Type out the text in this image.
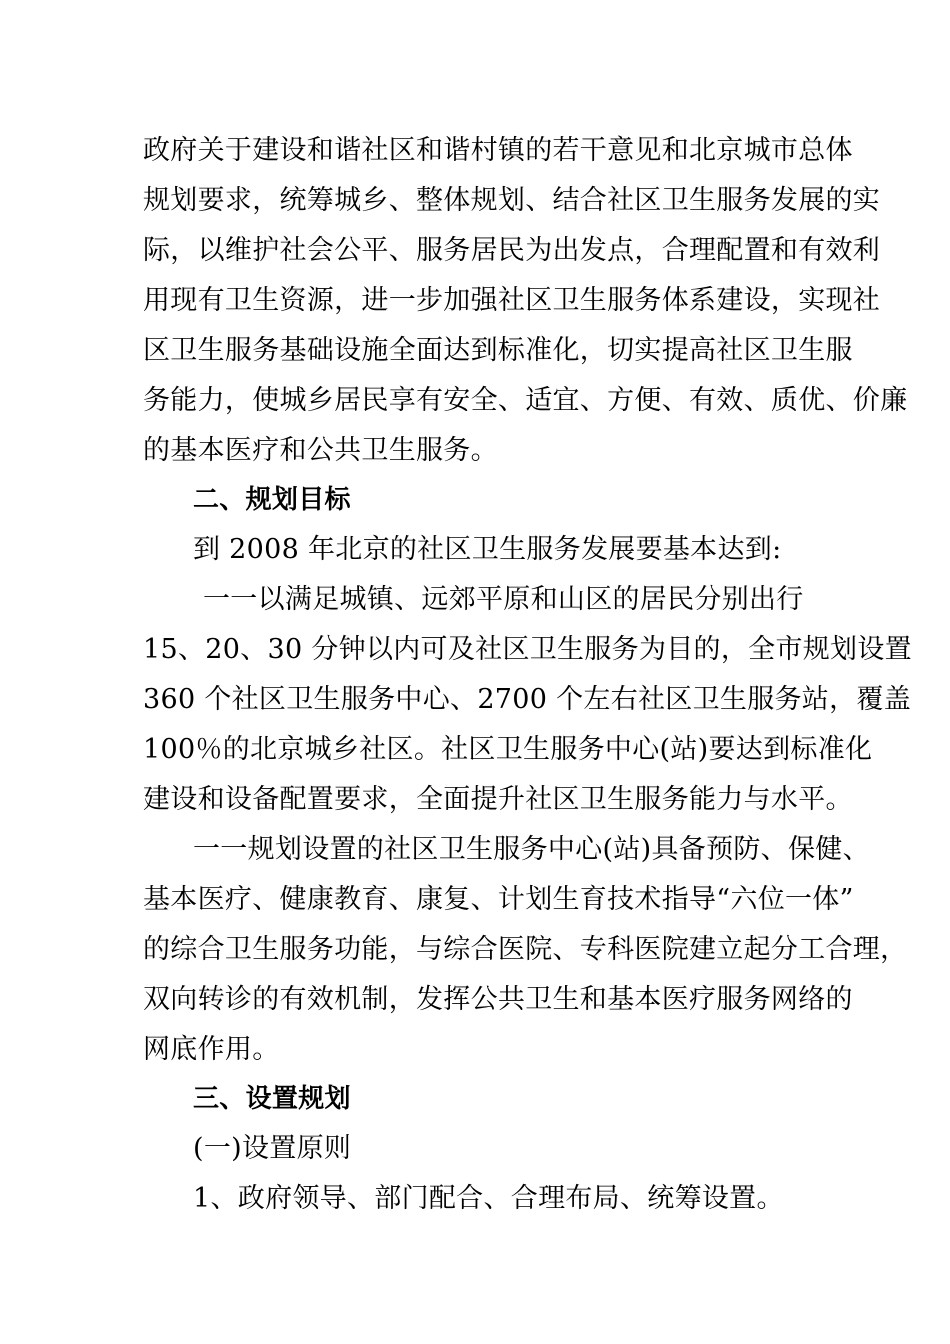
政府关于建设和谐社区和谐村镇的若干意见和北京城市总体
规划要求，统筹城乡、整体规划、结合社区卫生服务发展的实
际，以维护社会公平、服务居民为出发点，合理配置和有效利
用现有卫生资源，进一步加强社区卫生服务体系建设，实现社
区卫生服务基础设施全面达到标准化，切实提高社区卫生服
务能力，使城乡居民享有安全、适宜、方便、有效、质优、价廉
的基本医疗和公共卫生服务。
二、规划目标
到 2008 年北京的社区卫生服务发展要基本达到:
一一以满足城镇、远郊平原和山区的居民分别出行
15、20、30 分钟以内可及社区卫生服务为目的，全市规划设置
360 个社区卫生服务中心、2700 个左右社区卫生服务站，覆盖
100％的北京城乡社区。社区卫生服务中心(站)要达到标准化
建设和设备配置要求，全面提升社区卫生服务能力与水平。
一一规划设置的社区卫生服务中心(站)具备预防、保健、
基本医疗、健康教育、康复、计划生育技术指导“六位一体”
的综合卫生服务功能，与综合医院、专科医院建立起分工合理，
双向转诊的有效机制，发挥公共卫生和基本医疗服务网络的
网底作用。
三、设置规划
(一)设置原则
1、政府领导、部门配合、合理布局、统筹设置。
